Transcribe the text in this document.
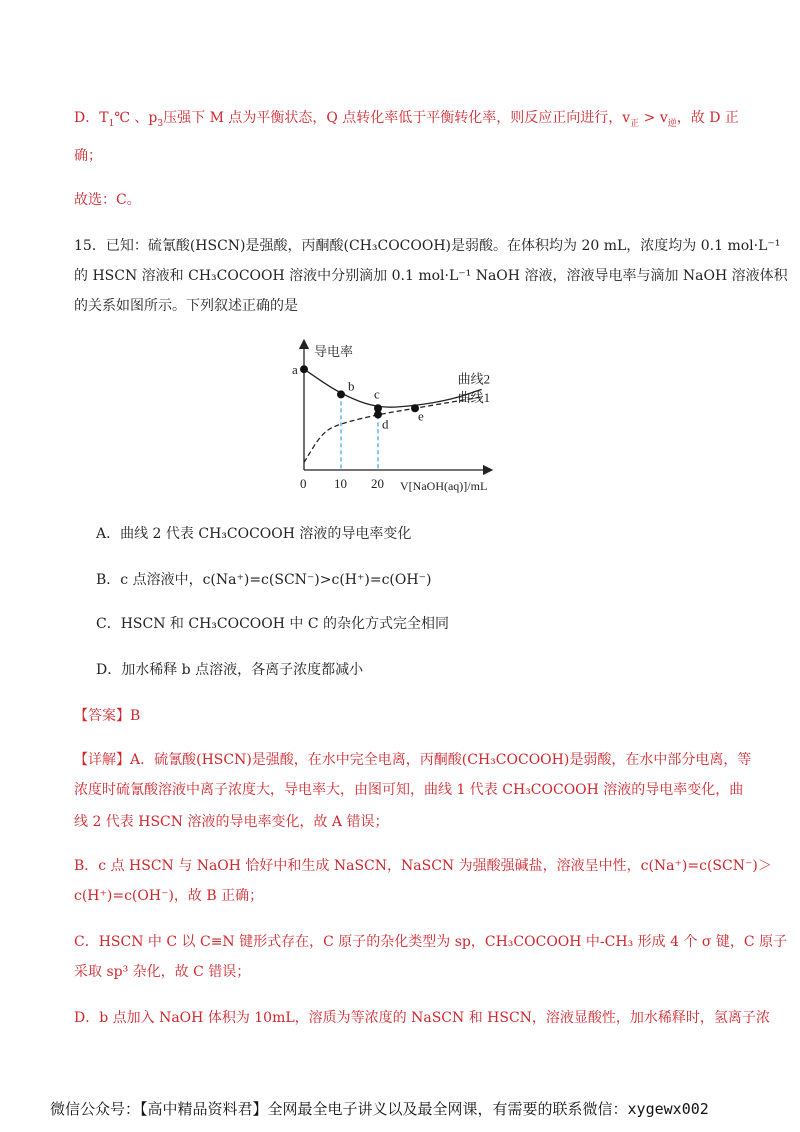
D．$T_1℃$ 、$p_3$压强下 M 点为平衡状态，Q 点转化率低于平衡转化率，则反应正向进行，$v_正 > v_逆$，故 D 正
确；
故选：C。
15．已知：硫氰酸(HSCN)是强酸，丙酮酸(CH₃COCOOH)是弱酸。在体积均为 20 mL，浓度均为 0.1 mol·L⁻¹
的 HSCN 溶液和 CH₃COCOOH 溶液中分别滴加 0.1 mol·L⁻¹ NaOH 溶液，溶液导电率与滴加 NaOH 溶液体积
的关系如图所示。下列叙述正确的是
导电率
V[NaOH(aq)]/mL
0 10 20
曲线2
曲线1
a
b
c
d
e
A．曲线 2 代表 CH₃COCOOH 溶液的导电率变化
B．c 点溶液中，c(Na⁺)=c(SCN⁻)>c(H⁺)=c(OH⁻)
C．HSCN 和 CH₃COCOOH 中 C 的杂化方式完全相同
D．加水稀释 b 点溶液，各离子浓度都减小
【答案】B
【详解】A．硫氰酸(HSCN)是强酸，在水中完全电离，丙酮酸(CH₃COCOOH)是弱酸，在水中部分电离，等
浓度时硫氰酸溶液中离子浓度大，导电率大，由图可知，曲线 1 代表 CH₃COCOOH 溶液的导电率变化，曲
线 2 代表 HSCN 溶液的导电率变化，故 A 错误；
B．c 点 HSCN 与 NaOH 恰好中和生成 NaSCN，NaSCN 为强酸强碱盐，溶液呈中性，c(Na⁺)=c(SCN⁻)＞
c(H⁺)=c(OH⁻)，故 B 正确；
C．HSCN 中 C 以 C≡N 键形式存在，C 原子的杂化类型为 sp，CH₃COCOOH 中-CH₃ 形成 4 个 σ 键，C 原子
采取 sp³ 杂化，故 C 错误；
D．b 点加入 NaOH 体积为 10mL，溶质为等浓度的 NaSCN 和 HSCN，溶液显酸性，加水稀释时，氢离子浓
微信公众号：【高中精品资料君】全网最全电子讲义以及最全网课，有需要的联系微信：xygewx002
